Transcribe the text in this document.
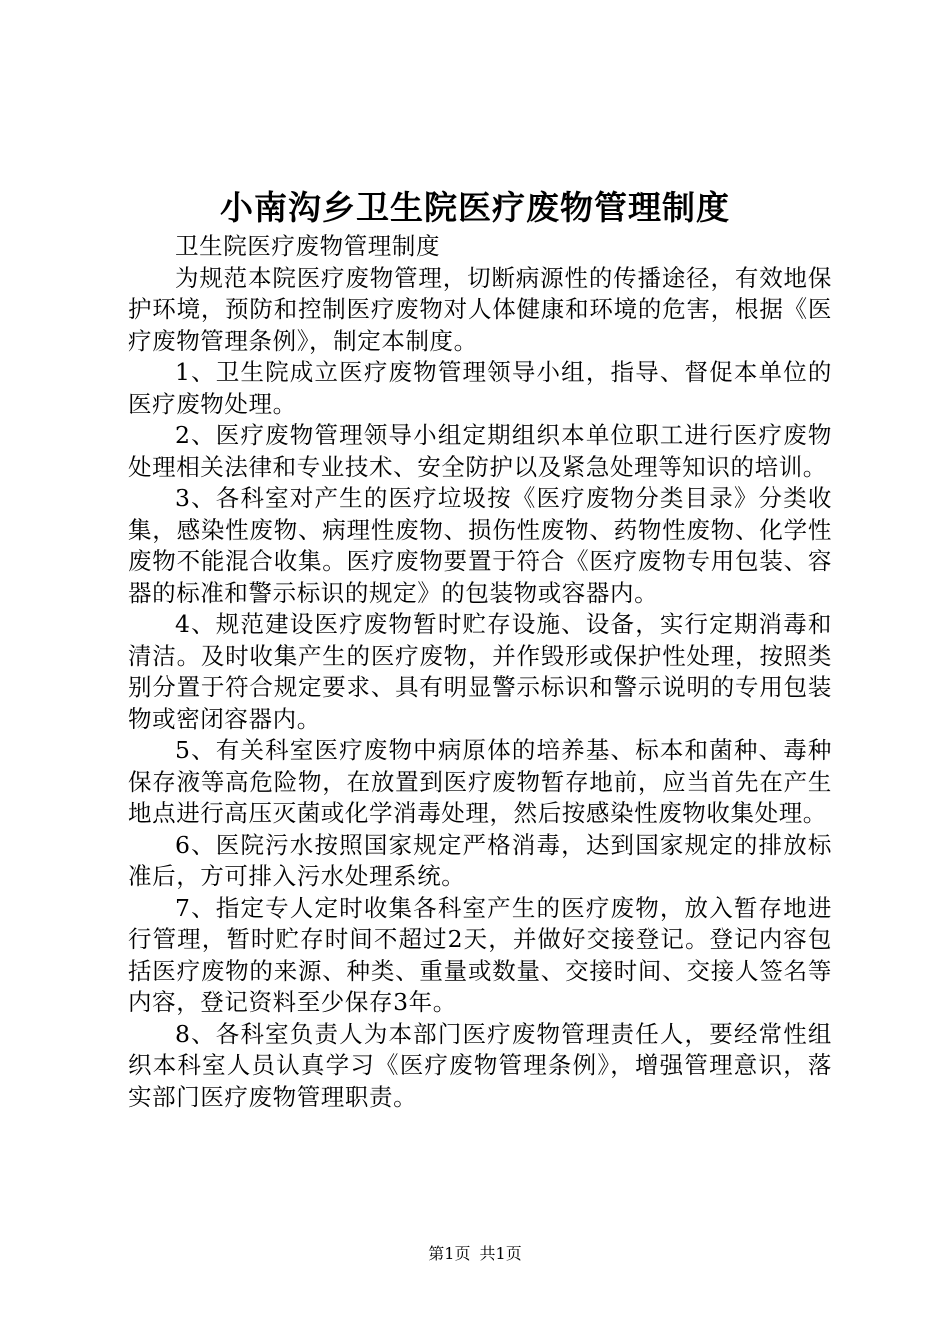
小南沟乡卫生院医疗废物管理制度

卫生院医疗废物管理制度

为规范本院医疗废物管理，切断病源性的传播途径，有效地保护环境，预防和控制医疗废物对人体健康和环境的危害，根据《医疗废物管理条例》，制定本制度。

1、卫生院成立医疗废物管理领导小组，指导、督促本单位的医疗废物处理。

2、医疗废物管理领导小组定期组织本单位职工进行医疗废物处理相关法律和专业技术、安全防护以及紧急处理等知识的培训。

3、各科室对产生的医疗垃圾按《医疗废物分类目录》分类收集，感染性废物、病理性废物、损伤性废物、药物性废物、化学性废物不能混合收集。医疗废物要置于符合《医疗废物专用包装、容器的标准和警示标识的规定》的包装物或容器内。

4、规范建设医疗废物暂时贮存设施、设备，实行定期消毒和清洁。及时收集产生的医疗废物，并作毁形或保护性处理，按照类别分置于符合规定要求、具有明显警示标识和警示说明的专用包装物或密闭容器内。

5、有关科室医疗废物中病原体的培养基、标本和菌种、毒种保存液等高危险物，在放置到医疗废物暂存地前，应当首先在产生地点进行高压灭菌或化学消毒处理，然后按感染性废物收集处理。

6、医院污水按照国家规定严格消毒，达到国家规定的排放标准后，方可排入污水处理系统。

7、指定专人定时收集各科室产生的医疗废物，放入暂存地进行管理，暂时贮存时间不超过2天，并做好交接登记。登记内容包括医疗废物的来源、种类、重量或数量、交接时间、交接人签名等内容，登记资料至少保存3年。

8、各科室负责人为本部门医疗废物管理责任人，要经常性组织本科室人员认真学习《医疗废物管理条例》，增强管理意识，落实部门医疗废物管理职责。

第1页 共1页
